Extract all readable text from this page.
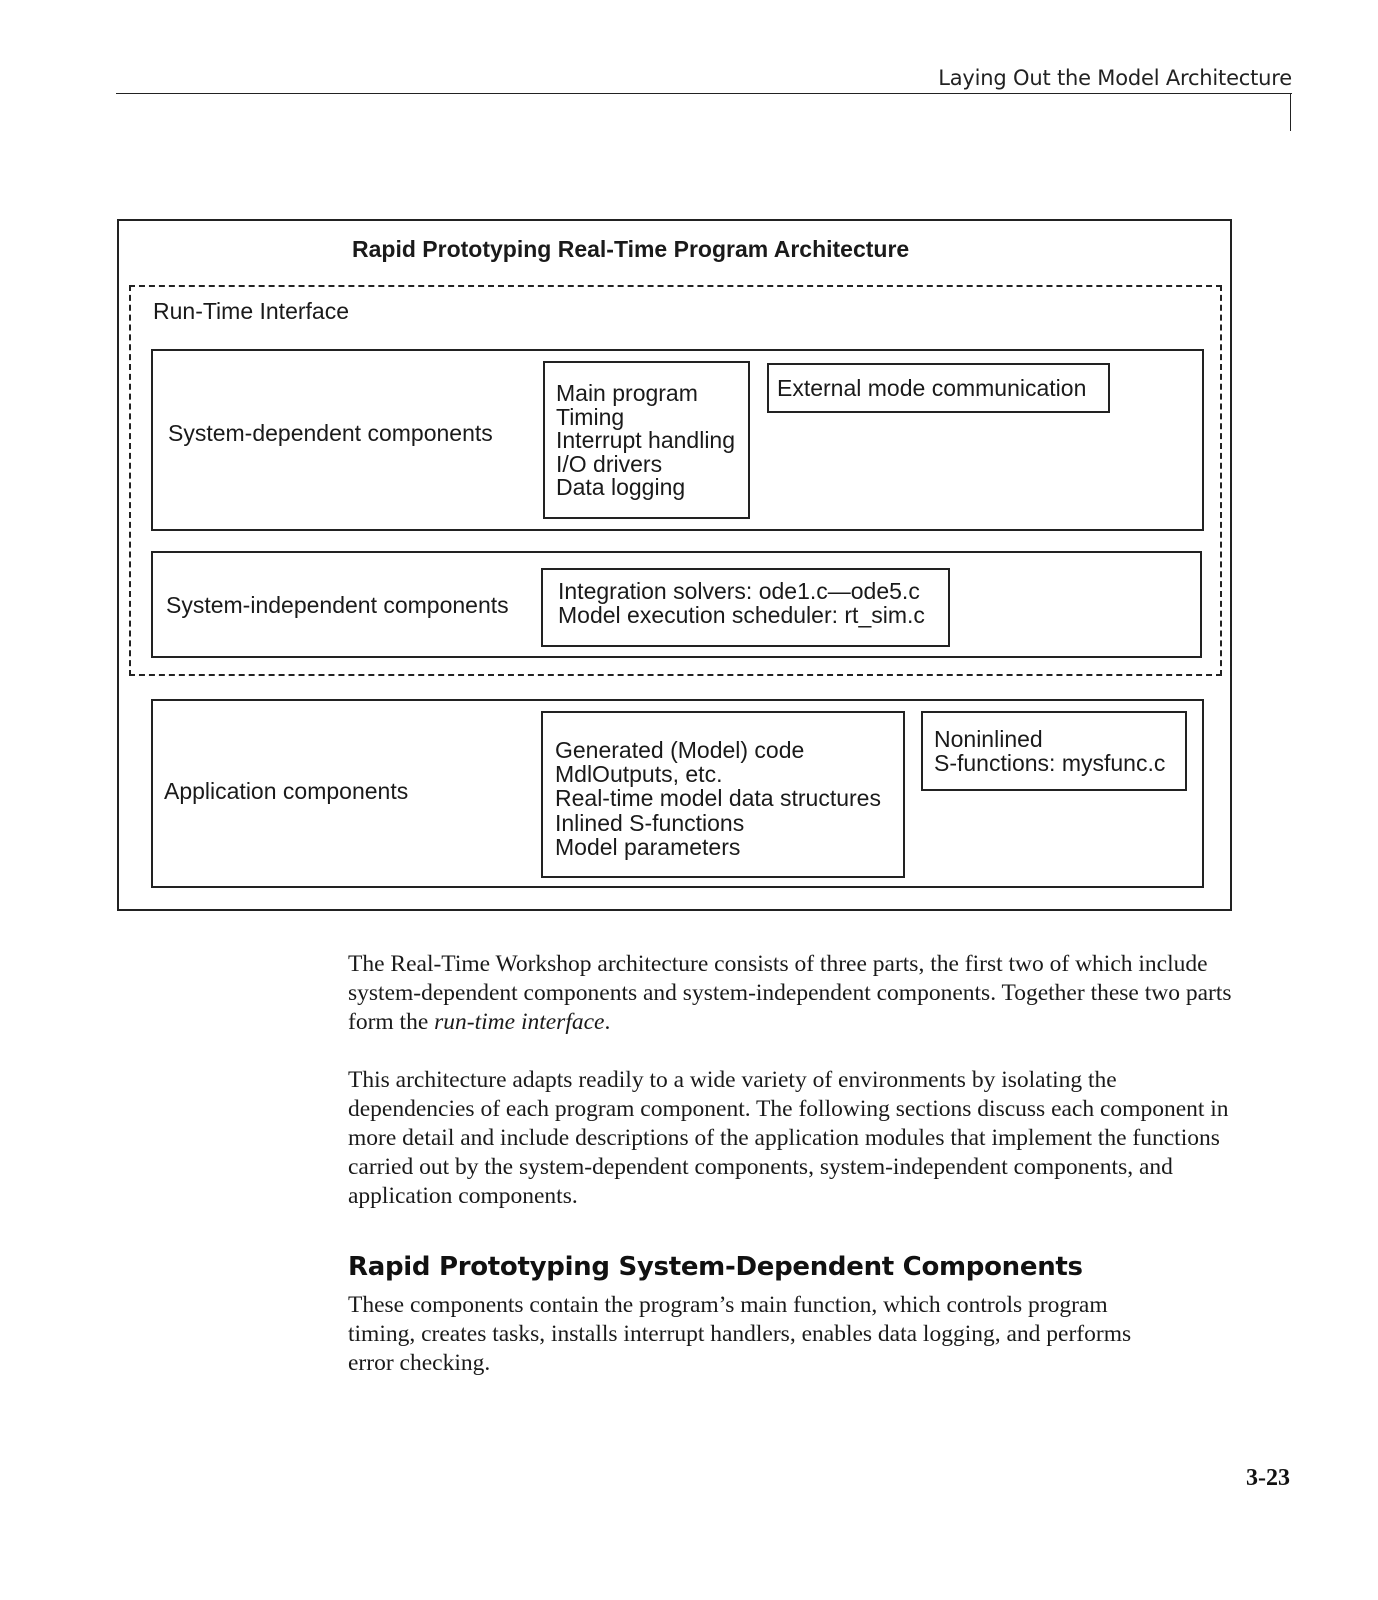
Laying Out the Model Architecture
Rapid Prototyping Real-Time Program Architecture
Run-Time Interface
System-dependent components
Main program
Timing
Interrupt handling
I/O drivers
Data logging
External mode communication
System-independent components
Integration solvers: ode1.c—ode5.c
Model execution scheduler: rt_sim.c
Application components
Generated (Model) code
MdlOutputs, etc.
Real-time model data structures
Inlined S-functions
Model parameters
Noninlined
S-functions: mysfunc.c

The Real-Time Workshop architecture consists of three parts, the first two of which include system-dependent components and system-independent components. Together these two parts form the run-time interface.

This architecture adapts readily to a wide variety of environments by isolating the dependencies of each program component. The following sections discuss each component in more detail and include descriptions of the application modules that implement the functions carried out by the system-dependent components, system-independent components, and application components.

Rapid Prototyping System-Dependent Components

These components contain the program’s main function, which controls program timing, creates tasks, installs interrupt handlers, enables data logging, and performs error checking.

3-23
